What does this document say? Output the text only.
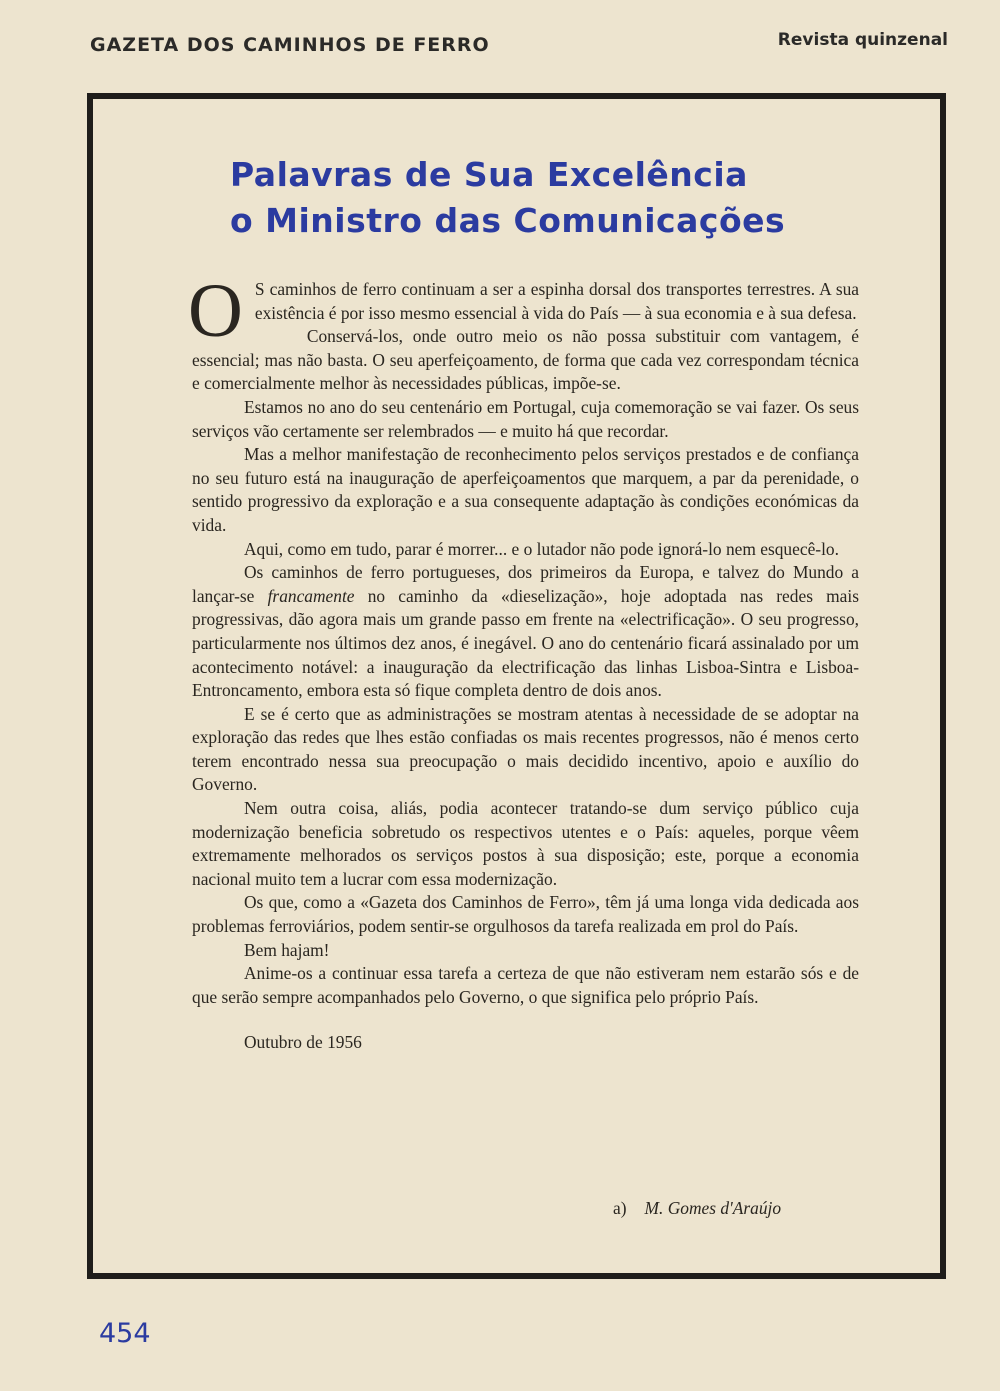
GAZETA DOS CAMINHOS DE FERRO	Revista quinzenal
Palavras de Sua Excelência
o Ministro das Comunicações

O S caminhos de ferro continuam a ser a espinha dorsal dos transportes terrestres. A sua existência é por isso mesmo essencial à vida do País — à sua economia e à sua defesa.

Conservá-los, onde outro meio os não possa substituir com vantagem, é essencial; mas não basta. O seu aperfeiçoamento, de forma que cada vez correspondam técnica e comercialmente melhor às necessidades públicas, impõe-se.

Estamos no ano do seu centenário em Portugal, cuja comemoração se vai fazer. Os seus serviços vão certamente ser relembrados — e muito há que recordar.

Mas a melhor manifestação de reconhecimento pelos serviços prestados e de confiança no seu futuro está na inauguração de aperfeiçoamentos que marquem, a par da perenidade, o sentido progressivo da exploração e a sua consequente adaptação às condições económicas da vida.

Aqui, como em tudo, parar é morrer... e o lutador não pode ignorá-lo nem esquecê-lo.

Os caminhos de ferro portugueses, dos primeiros da Europa, e talvez do Mundo a lançar-se francamente no caminho da «dieselização», hoje adoptada nas redes mais progressivas, dão agora mais um grande passo em frente na «electrificação». O seu progresso, particularmente nos últimos dez anos, é inegável. O ano do centenário ficará assinalado por um acontecimento notável: a inauguração da electrificação das linhas Lisboa-Sintra e Lisboa-Entroncamento, embora esta só fique completa dentro de dois anos.

E se é certo que as administrações se mostram atentas à necessidade de se adoptar na exploração das redes que lhes estão confiadas os mais recentes progressos, não é menos certo terem encontrado nessa sua preocupação o mais decidido incentivo, apoio e auxílio do Governo.

Nem outra coisa, aliás, podia acontecer tratando-se dum serviço público cuja modernização beneficia sobretudo os respectivos utentes e o País: aqueles, porque vêem extremamente melhorados os serviços postos à sua disposição; este, porque a economia nacional muito tem a lucrar com essa modernização.

Os que, como a «Gazeta dos Caminhos de Ferro», têm já uma longa vida dedicada aos problemas ferroviários, podem sentir-se orgulhosos da tarefa realizada em prol do País.

Bem hajam!

Anime-os a continuar essa tarefa a certeza de que não estiveram nem estarão sós e de que serão sempre acompanhados pelo Governo, o que significa pelo próprio País.

Outubro de 1956

a) M. Gomes d'Araújo
454
